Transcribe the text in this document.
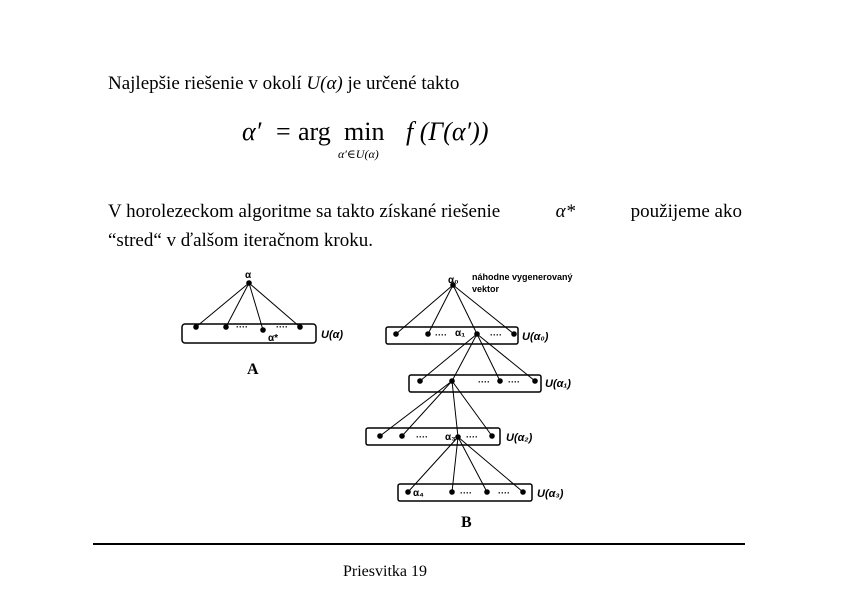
Najlepšie riešenie v okolí U(α) je určené takto
α′ = arg min
α′∈U(α)
f (Γ(α′))
V horolezeckom algoritme sa takto získané riešenie	α*	použijeme ako
“stred“ v ďalšom iteračnom kroku.
α
····	····
α*	U(α)
A
α₀ náhodne vygenerovaný
vektor
···· α₁	···· U(α₀)
···· ···· U(α₁)
···· α₃ ····	U(α₂)
α₄	····	···· U(α₃)
B
Priesvitka 19
